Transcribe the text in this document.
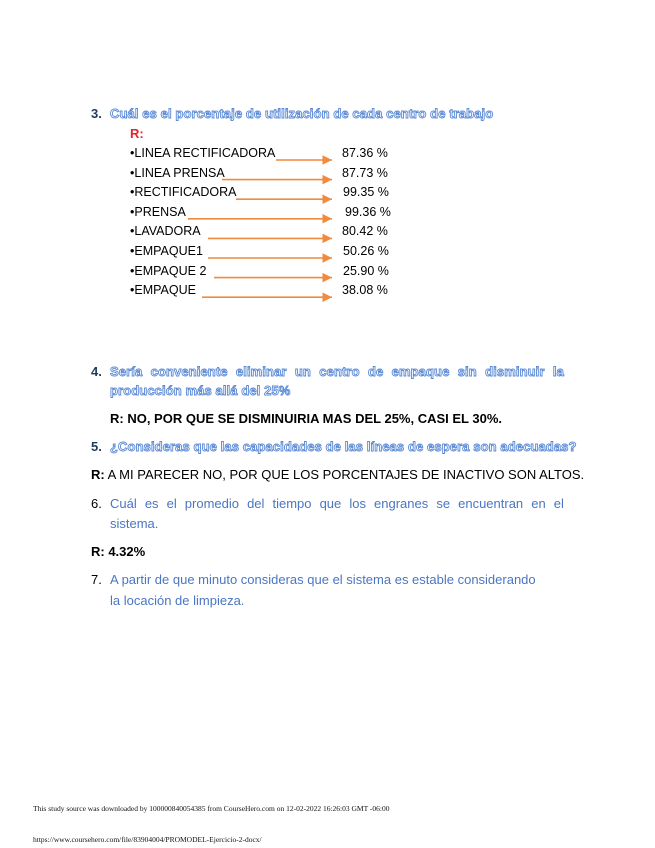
3. Cuál es el porcentaje de utilización de cada centro de trabajo
R:
•LINEA RECTIFICADORA	87.36 %
•LINEA PRENSA	87.73 %
•RECTIFICADORA	99.35 %
•PRENSA	99.36 %
•LAVADORA	80.42 %
•EMPAQUE1	50.26 %
•EMPAQUE 2	25.90 %
•EMPAQUE	38.08 %
4. Sería conveniente eliminar un centro de empaque sin disminuir la
producción más allá del 25%
R: NO, POR QUE SE DISMINUIRIA MAS DEL 25%, CASI EL 30%.
5. ¿Consideras que las capacidades de las líneas de espera son adecuadas?
R: A MI PARECER NO, POR QUE LOS PORCENTAJES DE INACTIVO SON ALTOS.
6. Cuál es el promedio del tiempo que los engranes se encuentran en el
sistema.
R: 4.32%
7. A partir de que minuto consideras que el sistema es estable considerando
la locación de limpieza.
This study source was downloaded by 100000840054385 from CourseHero.com on 12-02-2022 16:26:03 GMT -06:00
https://www.coursehero.com/file/83904004/PROMODEL-Ejercicio-2-docx/
